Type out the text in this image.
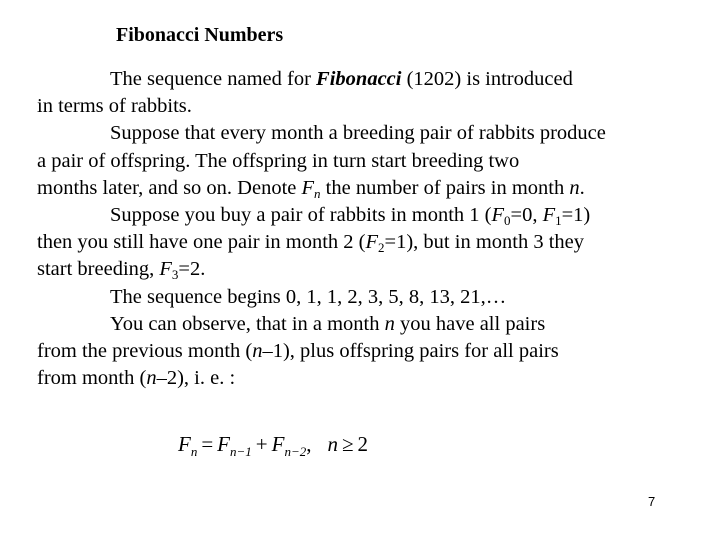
Fibonacci Numbers
The sequence named for Fibonacci (1202) is introduced
in terms of rabbits.
Suppose that every month a breeding pair of rabbits produce
a pair of offspring. The offspring in turn start breeding two
months later, and so on. Denote $F_n$ the number of pairs in month n.
Suppose you buy a pair of rabbits in month 1 ($F_0=0$, $F_1=1$)
then you still have one pair in month 2 $(F_2=1)$, but in month 3 they
start breeding, $F_3=2$.
The sequence begins 0, 1, 1, 2, 3, 5, 8, 13, 21,…
You can observe, that in a month n you have all pairs
from the previous month (n–1), plus offspring pairs for all pairs
from month (n–2), i. e. :
$F_n = F_{n-1} + F_{n-2}$, n ≥ 2
7
